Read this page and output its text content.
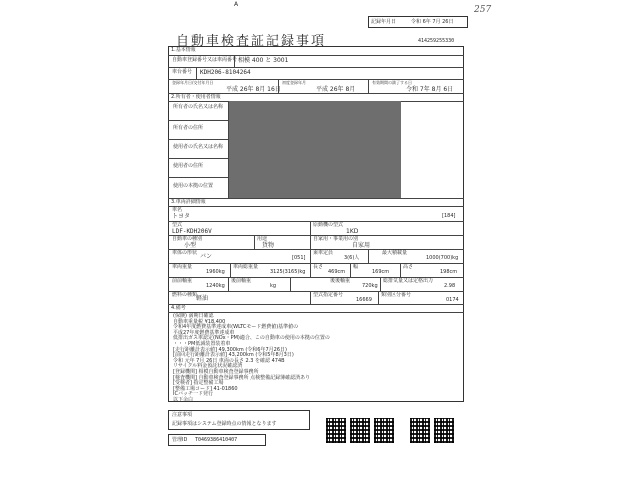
A
自動車検査証記録事項
記録年月日	令和 6年 7月 26日
257
414259255330
1.基本情報
自動車登録番号又は車両番号 相模 400 と 3001
車台番号 KDH206-8104264
登録年月日/交付年月日	初度登録年月	有効期間の満了する日
平成 26年 8月 16日	平成 26年 8月	令和 7年 8月 6日
2.所有者・使用者情報
所有者の氏名又は名称
所有者の住所
使用者の氏名又は名称
使用者の住所
使用の本拠の位置
3.車両詳細情報
車名
トヨタ	[184]
型式
LDF-KDH206V
原動機の型式
1KD
自動車の種別
小型
用途
貨物
自家用・事業用の別
自家用
車体の形状 バン	[051]
乗車定員
3(6)人
最大積載量
1000(700)kg
車両重量
1960kg
車両総重量
3125(3165)kg
長さ
469cm
幅
169cm
高さ
198cm
前前軸重
1240kg
後前軸重
kg
後後軸重
720kg
総排気量又は定格出力
2.98
燃料の種類
軽油	型式指定番号
16669
類別区分番号
0174
4.備考
(保険) 満期日確認
自動車重量税 ¥18,400
令和4年度燃費基準達成車(WLTCモード燃費値)基準値の
平成27年度燃費基準達成車
低排出ガス車認定(NOx・PM)適合、この自動車の使用の本拠の位置の
・・・PM低減装置装着車
[走行距離計表示値] 49,300km (令和6年7月26日)
[前回走行距離計表示値] 43,200km (令和5年8月3日)
令和 元年 7月 26日 車両の長さ 2.3 を確認 474B
リサイクル料金預託状況確認済
[登録機関] 相模自動車検査登録事務所
[検査機関] 自動車検査登録事務所 点検整備記録簿確認済あり
[受検者] 指定整備工場
[整備工場コード] 41-01860
ICバッチ一ド発行
以下余白
注意事項
記録事項はシステム登録時点の情報となります
管理ID T0469386410407
